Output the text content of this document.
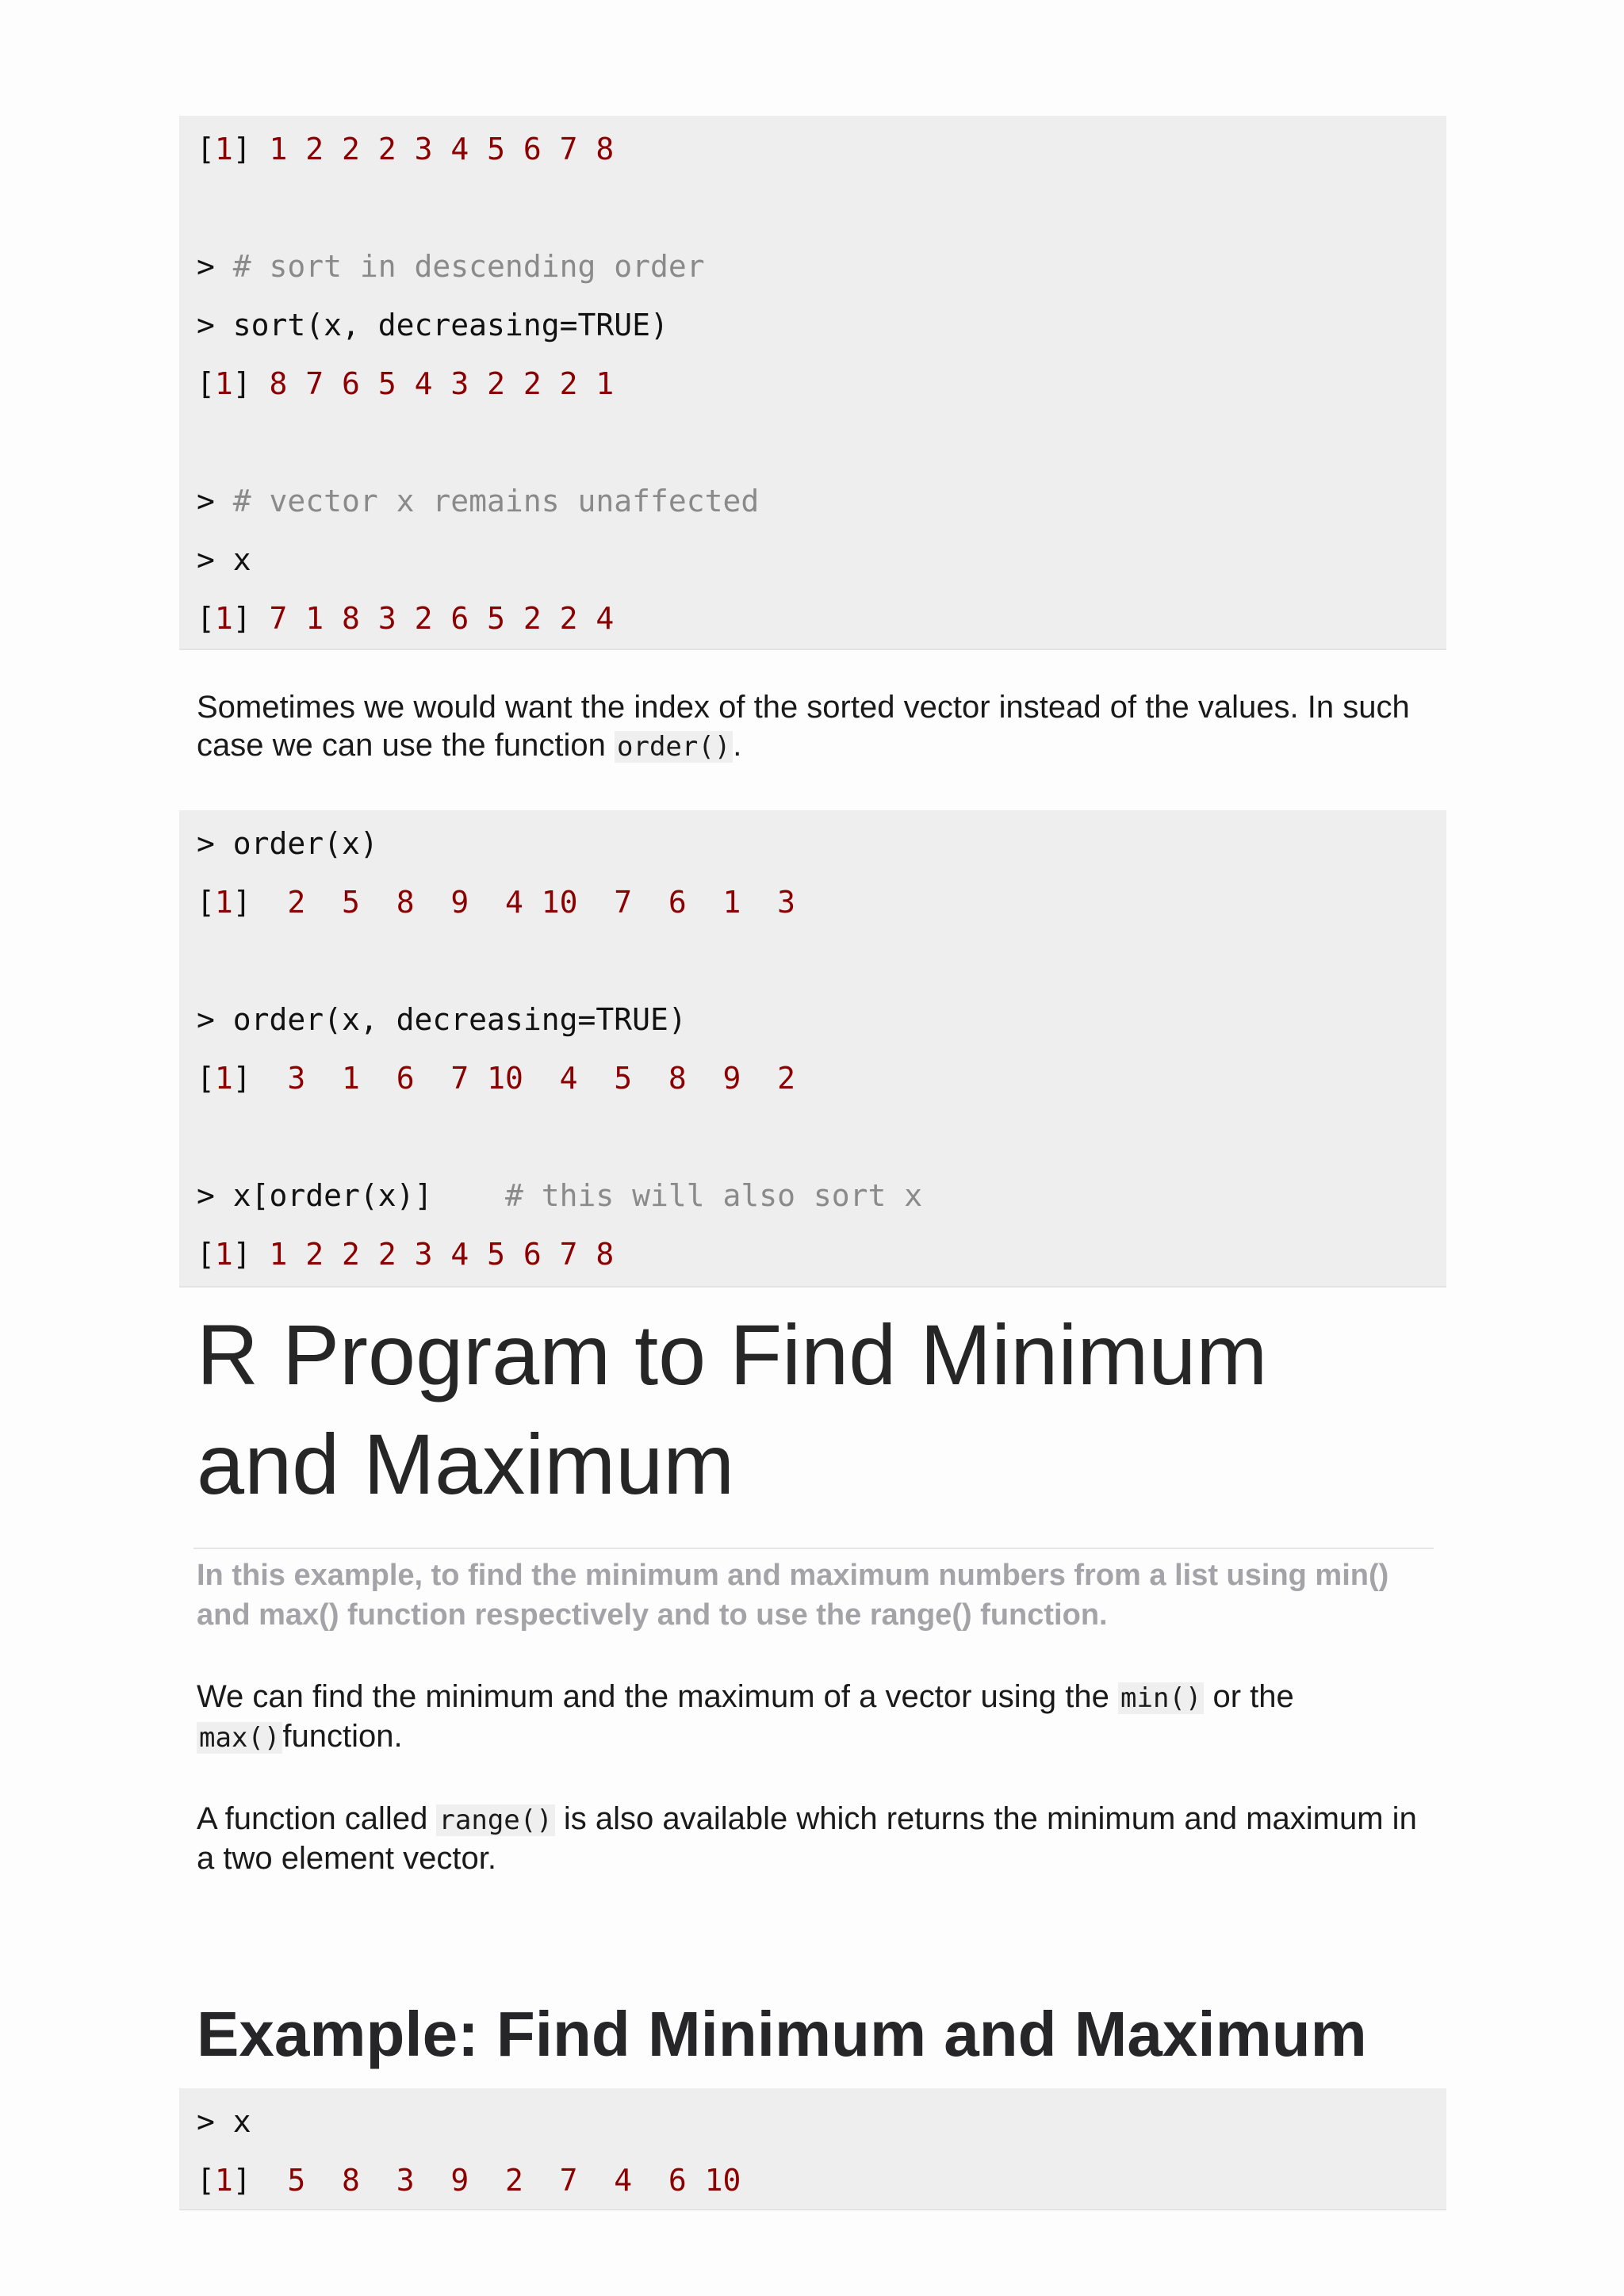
[1] 1 2 2 2 3 4 5 6 7 8
> # sort in descending order
> sort(x, decreasing=TRUE)
[1] 8 7 6 5 4 3 2 2 2 1
> # vector x remains unaffected
> x
[1] 7 1 8 3 2 6 5 2 2 4

Sometimes we would want the index of the sorted vector instead of the values. In such case we can use the function order().

> order(x)
[1]  2  5  8  9  4 10  7  6  1  3
> order(x, decreasing=TRUE)
[1]  3  1  6  7 10  4  5  8  9  2
> x[order(x)]    # this will also sort x
[1] 1 2 2 2 3 4 5 6 7 8
R Program to Find Minimum and Maximum

In this example, to find the minimum and maximum numbers from a list using min() and max() function respectively and to use the range() function.

We can find the minimum and the maximum of a vector using the min() or the max()function.

A function called range() is also available which returns the minimum and maximum in a two element vector.

Example: Find Minimum and Maximum
> x
[1]  5  8  3  9  2  7  4  6 10
